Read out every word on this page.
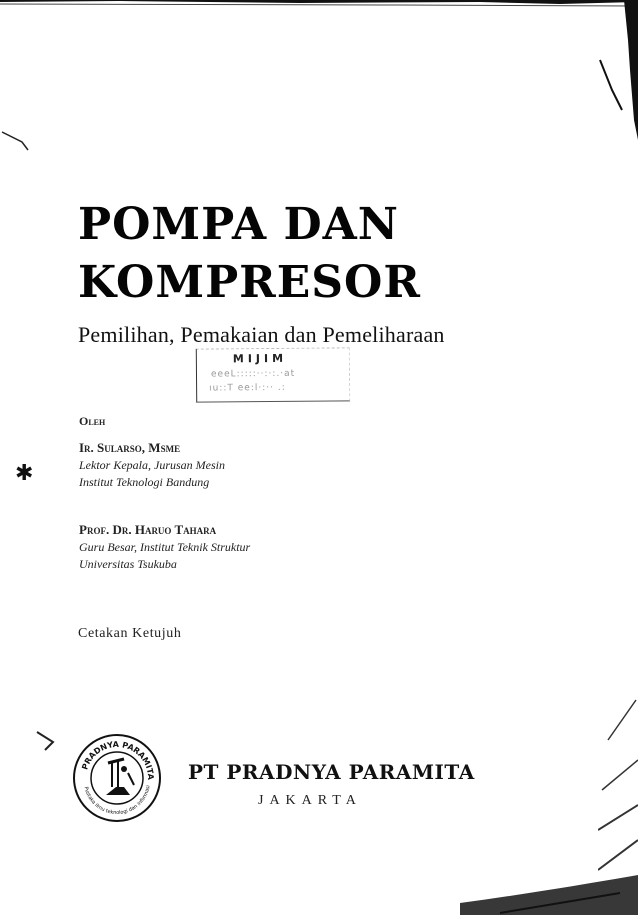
POMPA DAN
KOMPRESOR
Pemilihan, Pemakaian dan Pemeliharaan
MIJIM
eeeL:::::··:·:.·at
ıu::T ee:l·:·· .:
Oleh
Ir. Sularso, Msme
Lektor Kepala, Jurusan Mesin
Institut Teknologi Bandung
✱
Prof. Dr. Haruo Tahara
Guru Besar, Institut Teknik Struktur
Universitas Tsukuba
Cetakan Ketujuh
PRADNYA PARAMITA
Pustaka ilmu teknologi dan informasi
PT PRADNYA PARAMITA
JAKARTA
